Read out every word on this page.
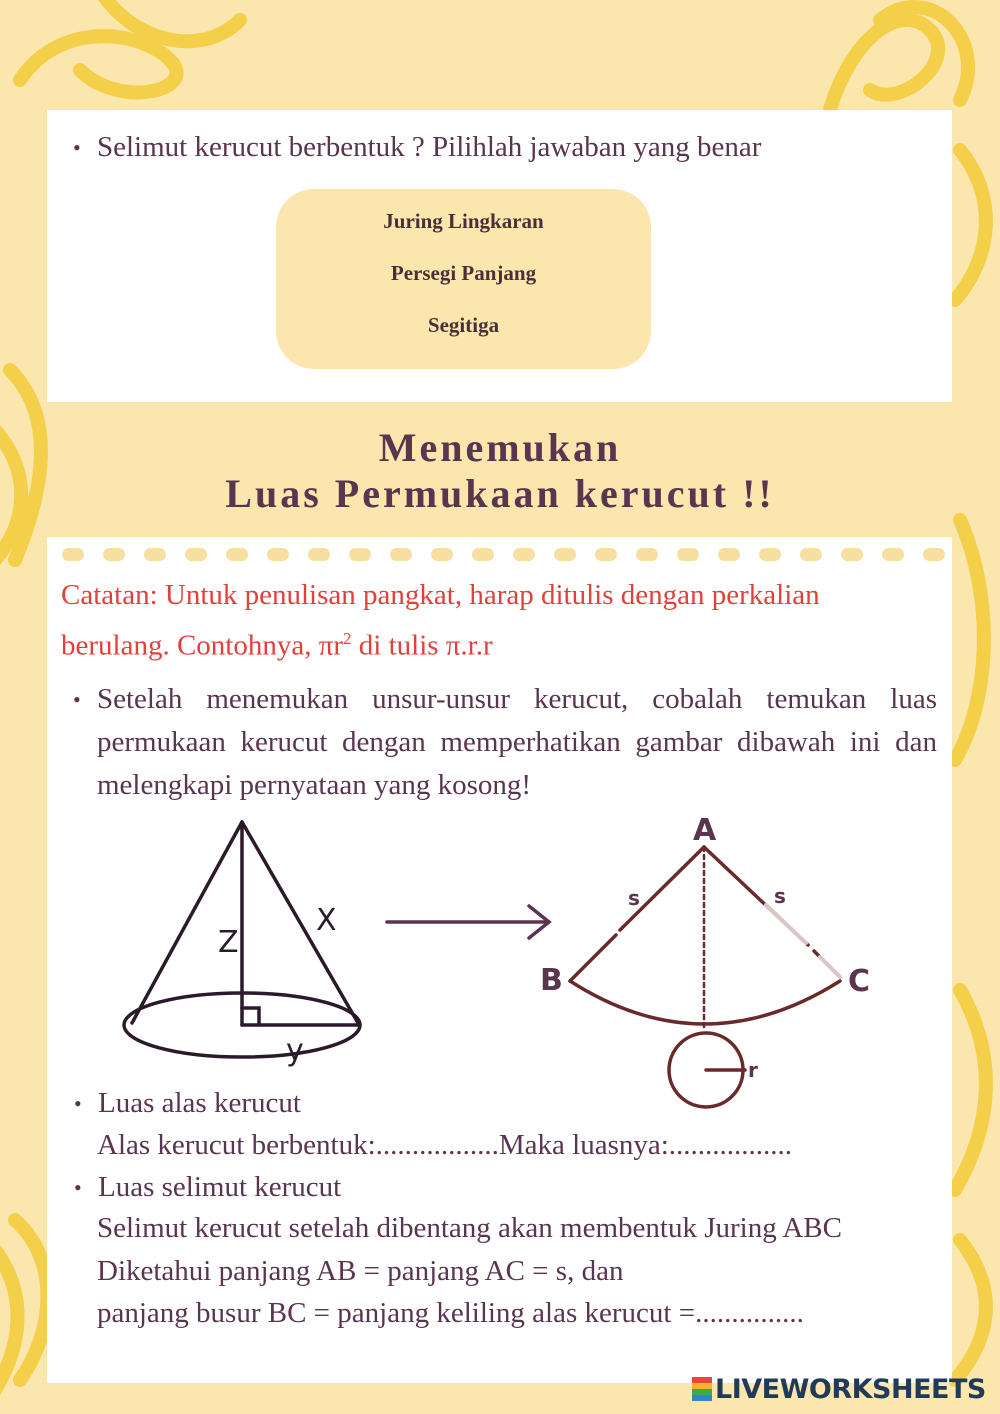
• Selimut kerucut berbentuk ? Pilihlah jawaban yang benar
Juring Lingkaran
Persegi Panjang
Segitiga
Menemukan
Luas Permukaan kerucut !!
Catatan: Untuk penulisan pangkat, harap ditulis dengan perkalian
berulang. Contohnya, $\pi r^2$ di tulis π.r.r
• Setelah menemukan unsur-unsur kerucut, cobalah temukan luas permukaan kerucut dengan memperhatikan gambar dibawah ini dan melengkapi pernyataan yang kosong!
Z
X
y
A
B	C
s	s
r
• Luas alas kerucut
Alas kerucut berbentuk:.................Maka luasnya:.................
• Luas selimut kerucut
Selimut kerucut setelah dibentang akan membentuk Juring ABC
Diketahui panjang AB = panjang AC = s, dan
panjang busur BC = panjang keliling alas kerucut =...............
LIVEWORKSHEETS
